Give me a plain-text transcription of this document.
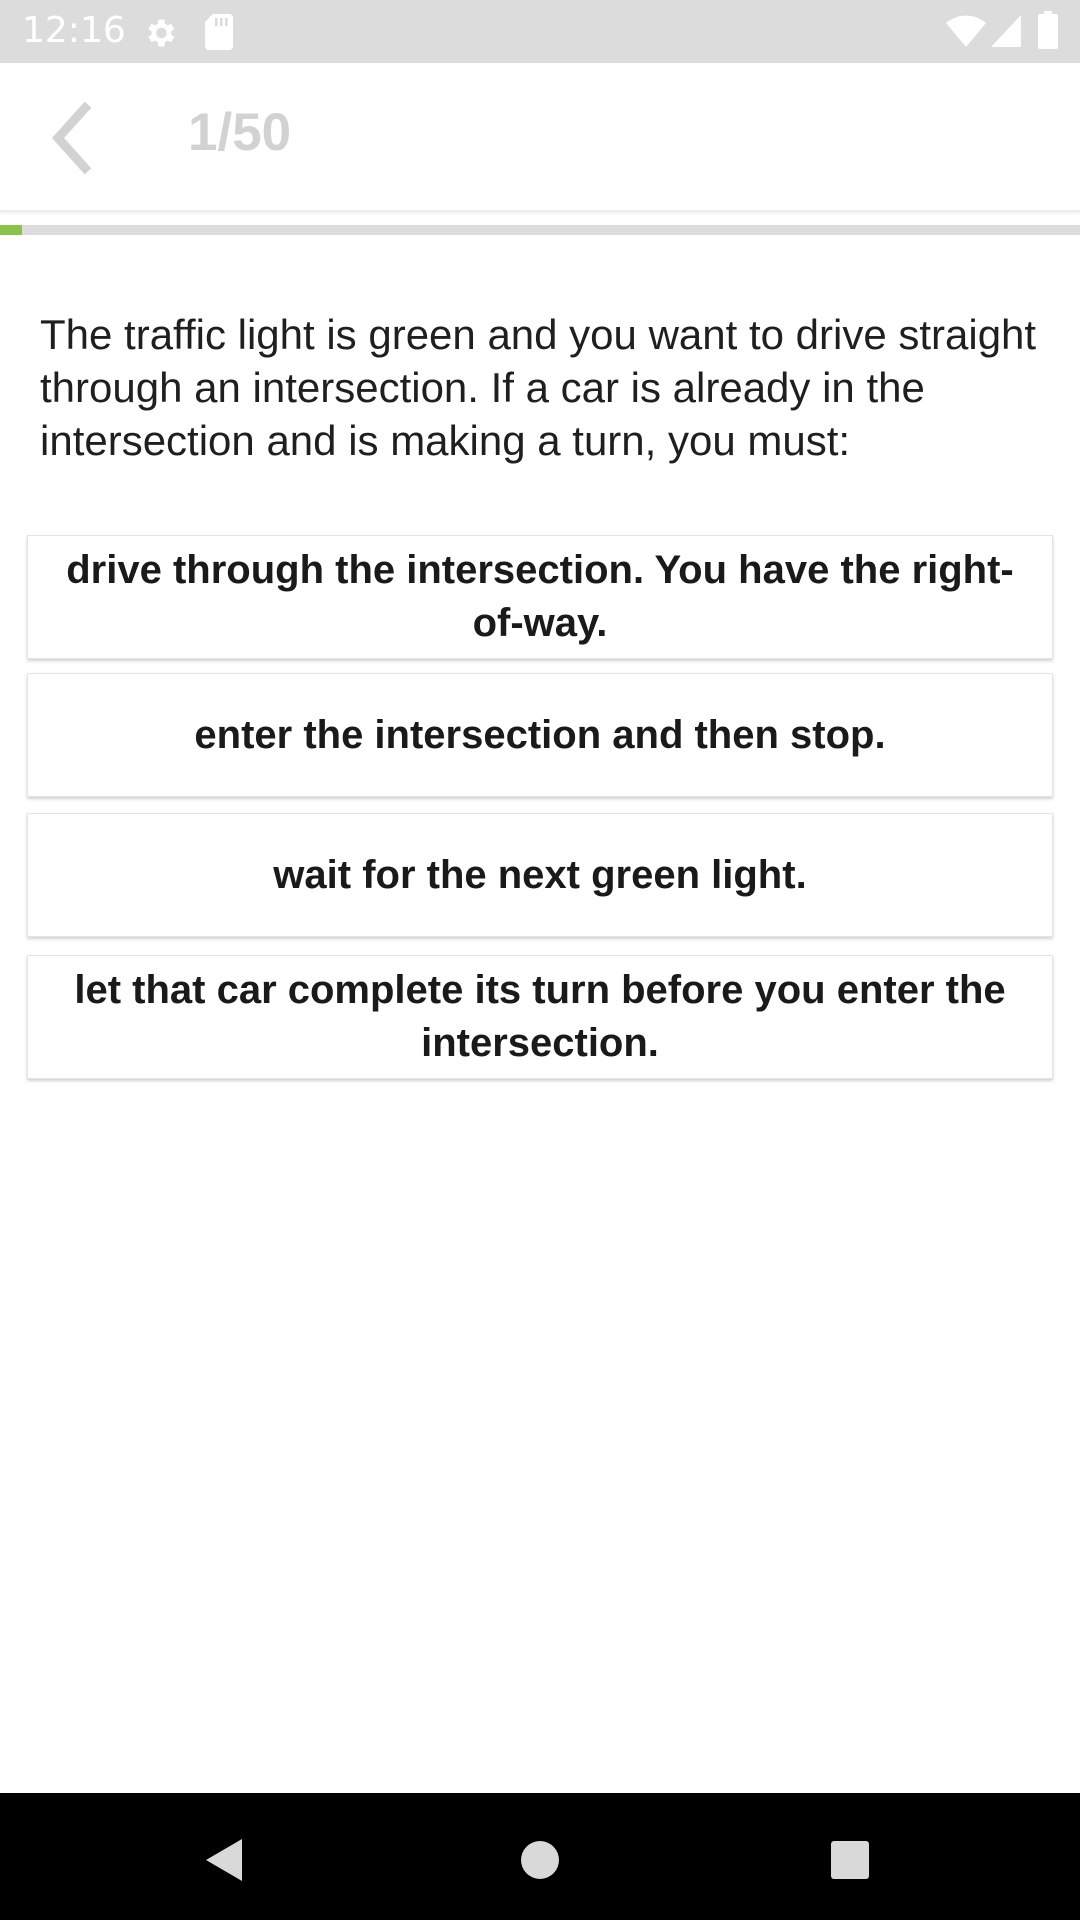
12:16
1/50
The traffic light is green and you want to drive straight through an intersection. If a car is already in the intersection and is making a turn, you must:
drive through the intersection. You have the right-of-way.
enter the intersection and then stop.
wait for the next green light.
let that car complete its turn before you enter the intersection.
